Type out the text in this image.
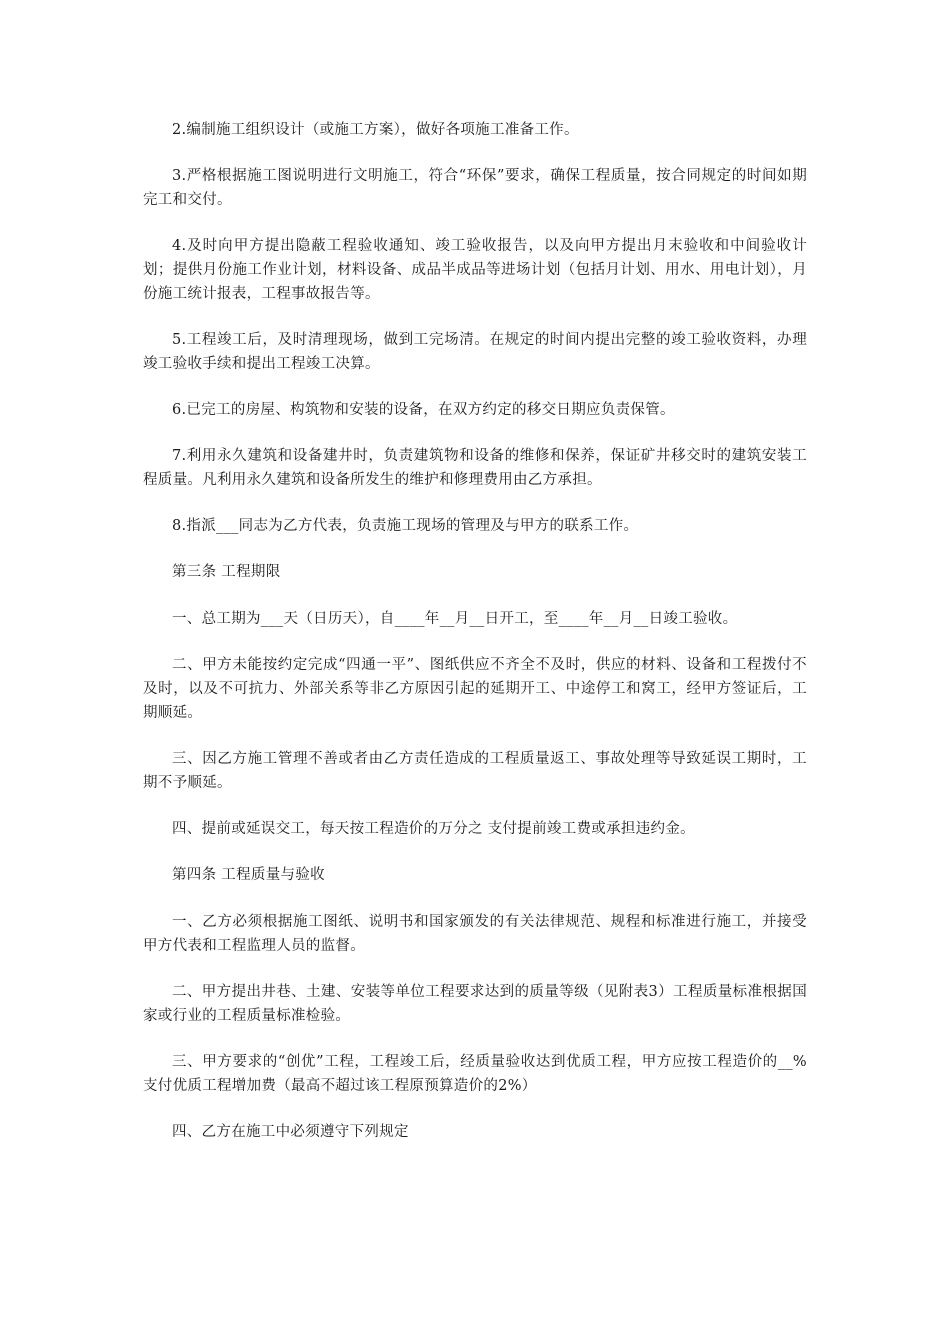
2.编制施工组织设计（或施工方案），做好各项施工准备工作。

3.严格根据施工图说明进行文明施工，符合“环保”要求，确保工程质量，按合同规定的时间如期完工和交付。

4.及时向甲方提出隐蔽工程验收通知、竣工验收报告，以及向甲方提出月末验收和中间验收计划；提供月份施工作业计划，材料设备、成品半成品等进场计划（包括月计划、用水、用电计划），月份施工统计报表，工程事故报告等。

5.工程竣工后，及时清理现场，做到工完场清。在规定的时间内提出完整的竣工验收资料，办理竣工验收手续和提出工程竣工决算。

6.已完工的房屋、构筑物和安装的设备，在双方约定的移交日期应负责保管。

7.利用永久建筑和设备建井时，负责建筑物和设备的维修和保养，保证矿井移交时的建筑安装工程质量。凡利用永久建筑和设备所发生的维护和修理费用由乙方承担。

8.指派___同志为乙方代表，负责施工现场的管理及与甲方的联系工作。

第三条 工程期限

一、总工期为___天（日历天），自____年__月__日开工，至____年__月__日竣工验收。

二、甲方未能按约定完成“四通一平”、图纸供应不齐全不及时，供应的材料、设备和工程拨付不及时，以及不可抗力、外部关系等非乙方原因引起的延期开工、中途停工和窝工，经甲方签证后，工期顺延。

三、因乙方施工管理不善或者由乙方责任造成的工程质量返工、事故处理等导致延误工期时，工期不予顺延。

四、提前或延误交工，每天按工程造价的万分之 支付提前竣工费或承担违约金。

第四条 工程质量与验收

一、乙方必须根据施工图纸、说明书和国家颁发的有关法律规范、规程和标准进行施工，并接受甲方代表和工程监理人员的监督。

二、甲方提出井巷、土建、安装等单位工程要求达到的质量等级（见附表3）工程质量标准根据国家或行业的工程质量标准检验。

三、甲方要求的“创优”工程，工程竣工后，经质量验收达到优质工程，甲方应按工程造价的__%支付优质工程增加费（最高不超过该工程原预算造价的2%）

四、乙方在施工中必须遵守下列规定
